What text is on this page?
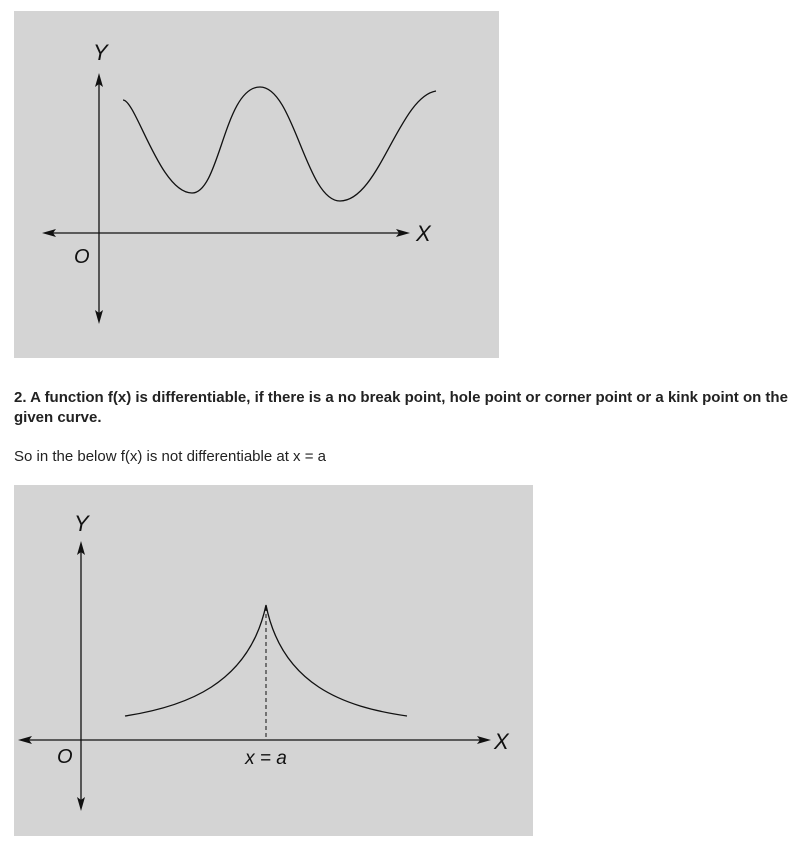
Y
X
O

2. A function f(x) is differentiable, if there is a no break point, hole point or corner point or a kink point on the given curve.

So in the below f(x) is not differentiable at x = a

Y
X
O	x = a
